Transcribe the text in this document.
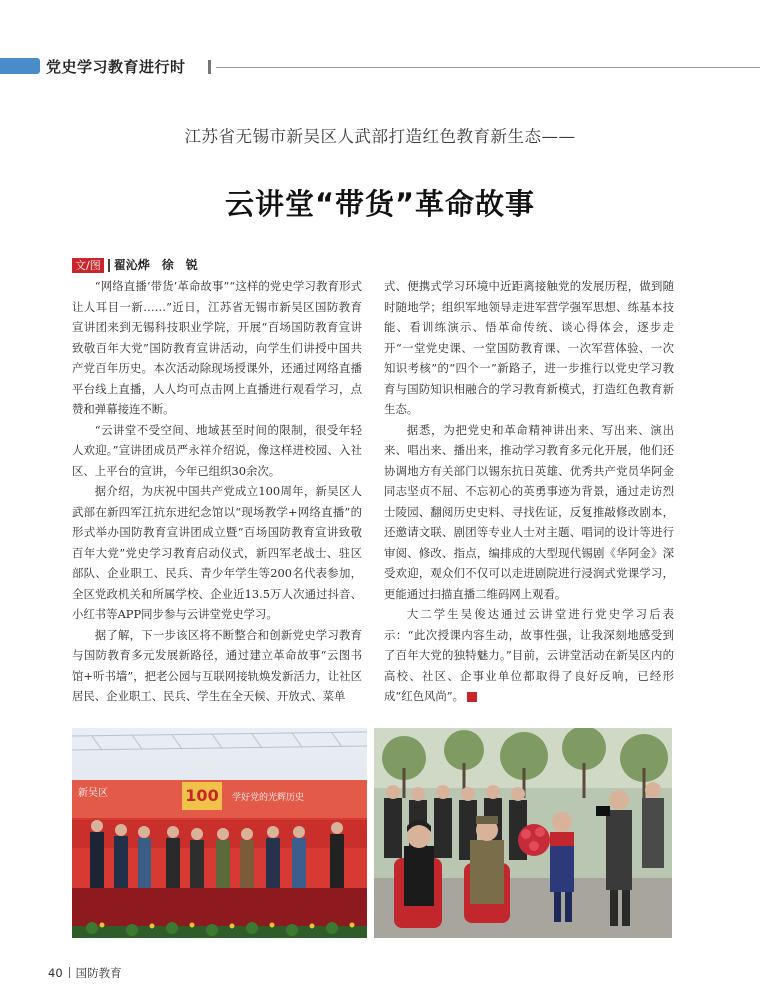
党史学习教育进行时
江苏省无锡市新吴区人武部打造红色教育新生态——
云讲堂“带货”革命故事
文/图 翟沁烨　徐　锐

“网络直播‘带货’革命故事”“这样的党史学习教育形式让人耳目一新……”近日，江苏省无锡市新吴区国防教育宣讲团来到无锡科技职业学院，开展“百场国防教育宣讲致敬百年大党”国防教育宣讲活动，向学生们讲授中国共产党百年历史。本次活动除现场授课外，还通过网络直播平台线上直播，人人均可点击网上直播进行观看学习，点赞和弹幕接连不断。

“云讲堂不受空间、地域甚至时间的限制，很受年轻人欢迎。”宣讲团成员严永祥介绍说，像这样进校园、入社区、上平台的宣讲，今年已组织30余次。

据介绍，为庆祝中国共产党成立100周年，新吴区人武部在新四军江抗东进纪念馆以“现场教学+网络直播”的形式举办国防教育宣讲团成立暨“百场国防教育宣讲致敬百年大党”党史学习教育启动仪式，新四军老战士、驻区部队、企业职工、民兵、青少年学生等200名代表参加，全区党政机关和所属学校、企业近13.5万人次通过抖音、小红书等APP同步参与云讲堂党史学习。

据了解，下一步该区将不断整合和创新党史学习教育与国防教育多元发展新路径，通过建立革命故事“云图书馆+听书墙”，把老公园与互联网接轨焕发新活力，让社区居民、企业职工、民兵、学生在全天候、开放式、菜单

式、便携式学习环境中近距离接触党的发展历程，做到随时随地学；组织军地领导走进军营学强军思想、练基本技能、看训练演示、悟革命传统、谈心得体会，逐步走开“一堂党史课、一堂国防教育课、一次军营体验、一次知识考核”的“四个一”新路子，进一步推行以党史学习教育与国防知识相融合的学习教育新模式，打造红色教育新生态。

据悉，为把党史和革命精神讲出来、写出来、演出来、唱出来、播出来，推动学习教育多元化开展，他们还协调地方有关部门以锡东抗日英雄、优秀共产党员华阿金同志坚贞不屈、不忘初心的英勇事迹为背景，通过走访烈士陵园、翻阅历史史料、寻找佐证，反复推敲修改剧本，还邀请文联、剧团等专业人士对主题、唱词的设计等进行审阅、修改、指点，编排成的大型现代锡剧《华阿金》深受欢迎，观众们不仅可以走进剧院进行浸润式党课学习，更能通过扫描直播二维码网上观看。

大二学生吴俊达通过云讲堂进行党史学习后表示：“此次授课内容生动，故事性强，让我深刻地感受到了百年大党的独特魅力。”目前，云讲堂活动在新吴区内的高校、社区、企事业单位都取得了良好反响，已经形成“红色风尚”。	G

100
新吴区	学好党的光辉历史
40 国防教育
